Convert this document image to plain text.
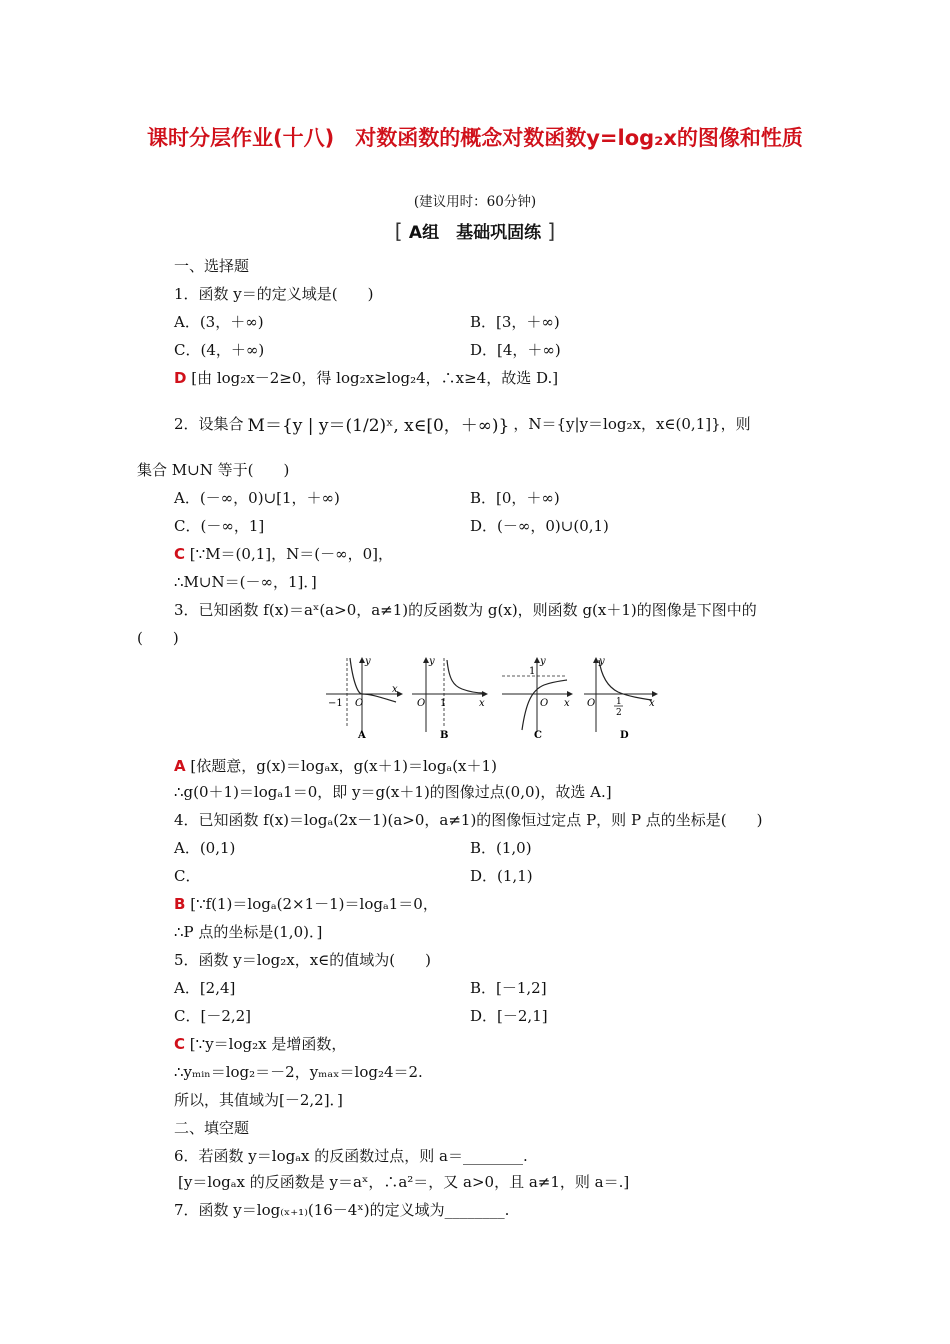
课时分层作业(十八)　对数函数的概念对数函数y=log₂x的图像和性质
(建议用时：60分钟)
[ A组　基础巩固练 ]
一、选择题
1．函数 y＝的定义域是(　　)
A．(3，＋∞)	B．[3，＋∞)
C．(4，＋∞)	D．[4，＋∞)
D [由 log₂x－2≥0，得 log₂x≥log₂4，∴x≥4，故选 D.]
2．设集合 M＝{y | y＝(1/2)ˣ, x∈[0，＋∞)} ，N＝{y|y＝log₂x，x∈(0,1]}，则
集合 M∪N 等于(　　)
A．(－∞，0)∪[1，＋∞)	B．[0，＋∞)
C．(－∞，1]	D．(－∞，0)∪(0,1)
C [∵M＝(0,1]，N＝(－∞，0]，
∴M∪N＝(－∞，1]．]
3．已知函数 f(x)＝aˣ(a>0，a≠1)的反函数为 g(x)，则函数 g(x＋1)的图像是下图中的
(　　)
−1 O
x
y
A
O 1	x
y
B
1
O x
y
C
O 1
2
x
y
D
A [依题意，g(x)＝logₐx，g(x＋1)＝logₐ(x＋1)
∴g(0＋1)＝logₐ1＝0，即 y＝g(x＋1)的图像过点(0,0)，故选 A.]
4．已知函数 f(x)＝logₐ(2x－1)(a>0，a≠1)的图像恒过定点 P，则 P 点的坐标是(　　)
A．(0,1)	B．(1,0)
C．	D．(1,1)
B [∵f(1)＝logₐ(2×1－1)＝logₐ1＝0，
∴P 点的坐标是(1,0)．]
5．函数 y＝log₂x，x∈的值域为(　　)
A．[2,4]	B．[－1,2]
C．[－2,2]	D．[－2,1]
C [∵y＝log₂x 是增函数，
∴yₘᵢₙ＝log₂＝－2，yₘₐₓ＝log₂4＝2.
所以，其值域为[－2,2]．]
二、填空题
6．若函数 y＝logₐx 的反函数过点，则 a＝________.
[y＝logₐx 的反函数是 y＝aˣ，∴a²＝，又 a>0，且 a≠1，则 a＝.]
7．函数 y＝log₍ₓ₊₁₎(16－4ˣ)的定义域为________.
